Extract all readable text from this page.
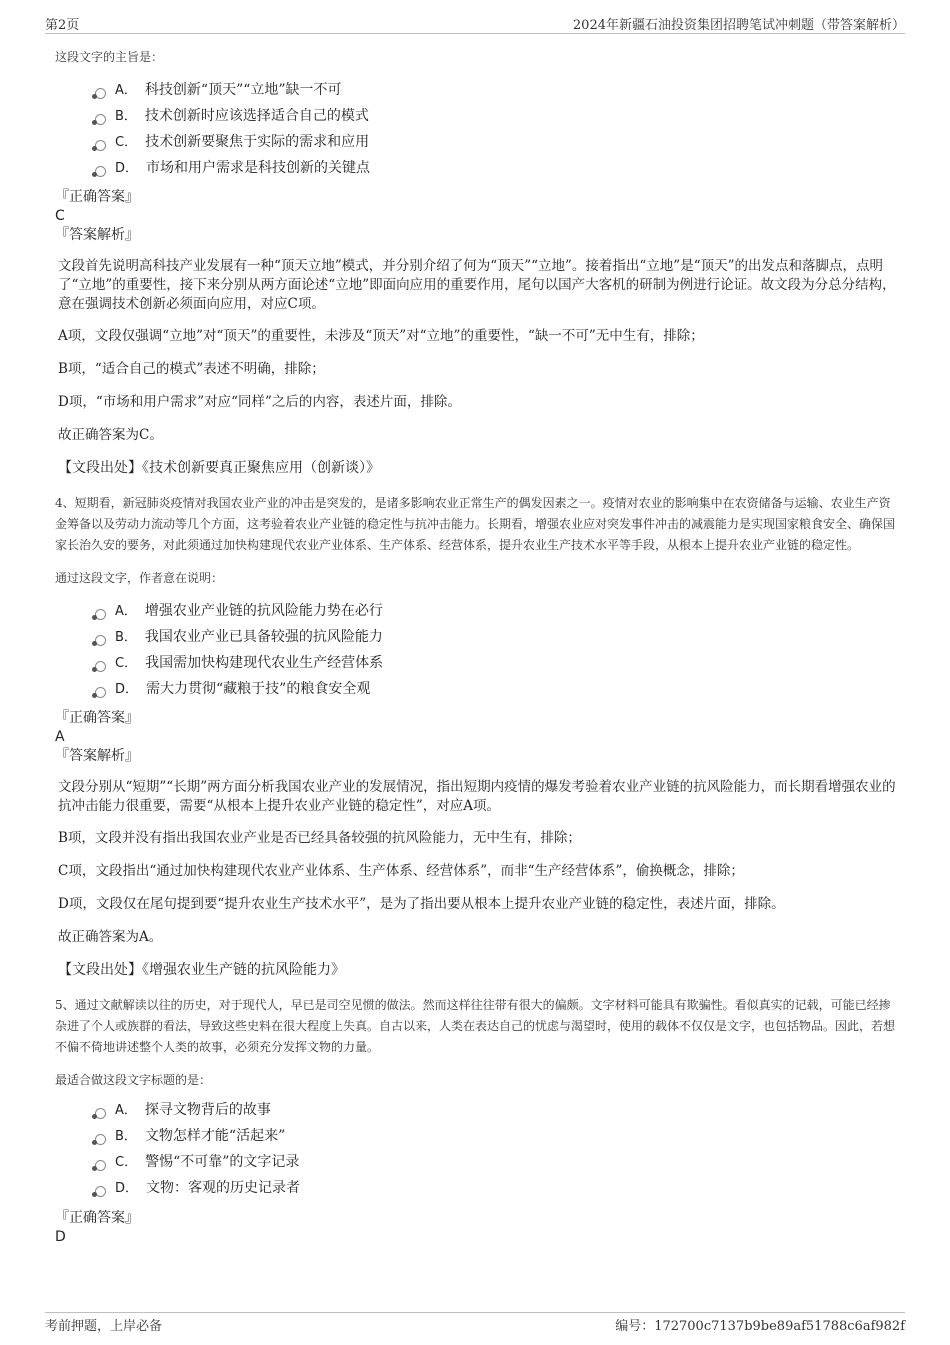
第2页	2024年新疆石油投资集团招聘笔试冲刺题（带答案解析）

这段文字的主旨是：

A． 科技创新“顶天”“立地”缺一不可
B． 技术创新时应该选择适合自己的模式
C． 技术创新要聚焦于实际的需求和应用
D． 市场和用户需求是科技创新的关键点

『正确答案』

C

『答案解析』

文段首先说明高科技产业发展有一种“顶天立地”模式，并分别介绍了何为“顶天”“立地”。接着指出“立地”是“顶天”的出发点和落脚点，点明了“立地”的重要性，接下来分别从两方面论述“立地”即面向应用的重要作用，尾句以国产大客机的研制为例进行论证。故文段为分总分结构，意在强调技术创新必须面向应用，对应C项。

A项，文段仅强调“立地”对“顶天”的重要性，未涉及“顶天”对“立地”的重要性，“缺一不可”无中生有，排除；

B项，“适合自己的模式”表述不明确，排除；

D项，“市场和用户需求”对应“同样”之后的内容，表述片面，排除。

故正确答案为C。

【文段出处】《技术创新要真正聚焦应用（创新谈）》

4、短期看，新冠肺炎疫情对我国农业产业的冲击是突发的，是诸多影响农业正常生产的偶发因素之一。疫情对农业的影响集中在农资储备与运输、农业生产资金筹备以及劳动力流动等几个方面，这考验着农业产业链的稳定性与抗冲击能力。长期看，增强农业应对突发事件冲击的减震能力是实现国家粮食安全、确保国家长治久安的要务，对此须通过加快构建现代农业产业体系、生产体系、经营体系，提升农业生产技术水平等手段，从根本上提升农业产业链的稳定性。

通过这段文字，作者意在说明：

A． 增强农业产业链的抗风险能力势在必行
B． 我国农业产业已具备较强的抗风险能力
C． 我国需加快构建现代农业生产经营体系
D． 需大力贯彻“藏粮于技”的粮食安全观

『正确答案』

A

『答案解析』

文段分别从“短期”“长期”两方面分析我国农业产业的发展情况，指出短期内疫情的爆发考验着农业产业链的抗风险能力，而长期看增强农业的抗冲击能力很重要，需要“从根本上提升农业产业链的稳定性”，对应A项。

B项，文段并没有指出我国农业产业是否已经具备较强的抗风险能力，无中生有，排除；

C项，文段指出“通过加快构建现代农业产业体系、生产体系、经营体系”，而非“生产经营体系”，偷换概念，排除；

D项，文段仅在尾句提到要“提升农业生产技术水平”，是为了指出要从根本上提升农业产业链的稳定性，表述片面，排除。

故正确答案为A。

【文段出处】《增强农业生产链的抗风险能力》

5、通过文献解读以往的历史，对于现代人，早已是司空见惯的做法。然而这样往往带有很大的偏颇。文字材料可能具有欺骗性。看似真实的记载，可能已经掺杂进了个人或族群的看法，导致这些史料在很大程度上失真。自古以来，人类在表达自己的忧虑与渴望时，使用的载体不仅仅是文字，也包括物品。因此，若想不偏不倚地讲述整个人类的故事，必须充分发挥文物的力量。

最适合做这段文字标题的是：

A． 探寻文物背后的故事
B． 文物怎样才能“活起来”
C． 警惕“不可靠”的文字记录
D． 文物：客观的历史记录者

『正确答案』

D

考前押题，上岸必备	编号：172700c7137b9be89af51788c6af982f
